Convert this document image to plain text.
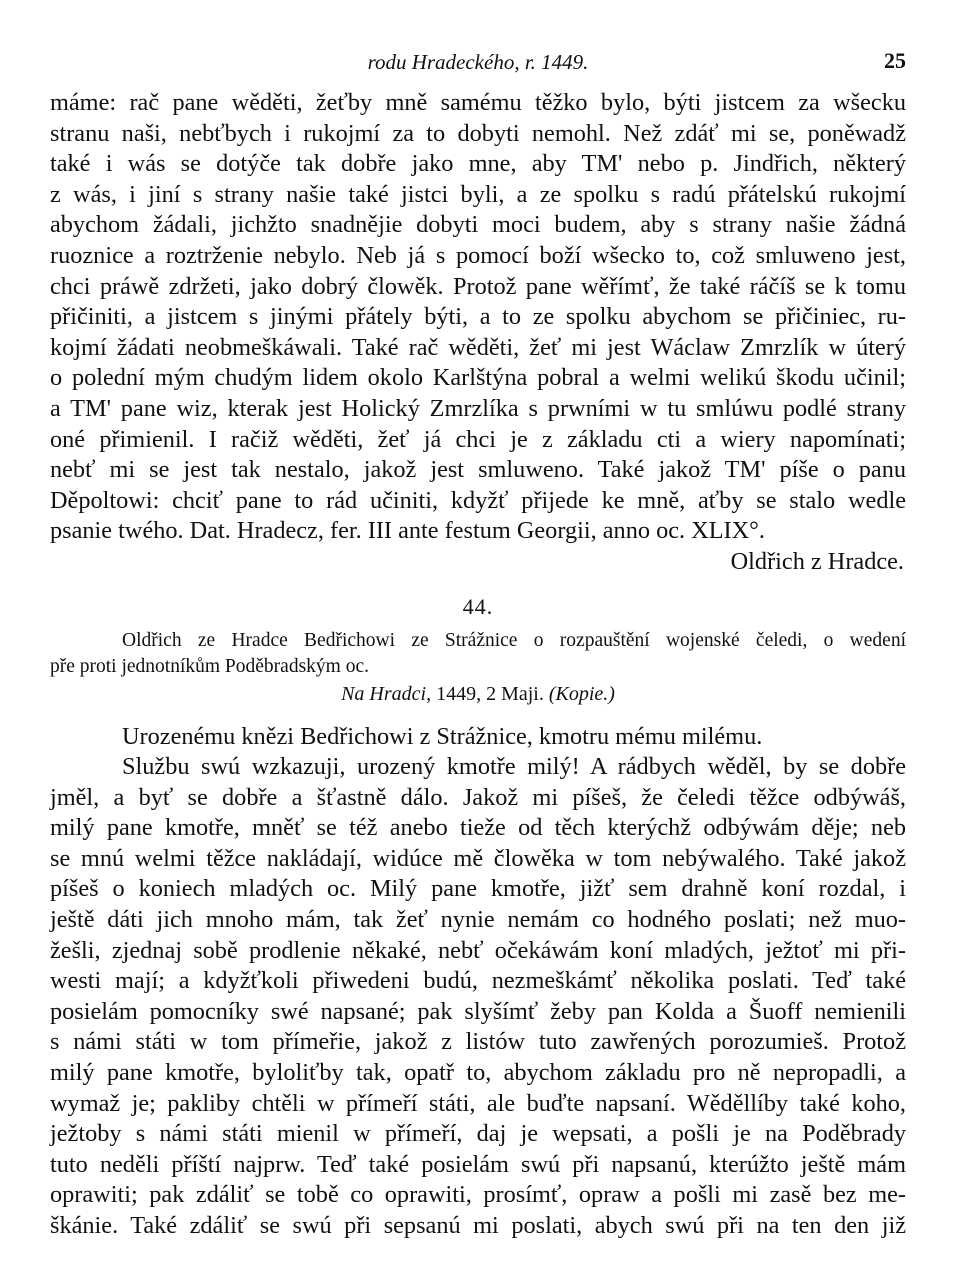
rodu Hradeckého, r. 1449.	25
máme: rač pane wěděti, žeťby mně samému těžko bylo, býti jistcem za wšecku
stranu naši, nebťbych i rukojmí za to dobyti nemohl. Než zdáť mi se, poněwadž
také i wás se dotýče tak dobře jako mne, aby TM' nebo p. Jindřich, některý
z wás, i jiní s strany našie také jistci byli, a ze spolku s radú přátelskú rukojmí
abychom žádali, jichžto snadnějie dobyti moci budem, aby s strany našie žádná
ruoznice a roztrženie nebylo. Neb já s pomocí boží wšecko to, což smluweno jest,
chci práwě zdržeti, jako dobrý člowěk. Protož pane wěřímť, že také ráčíš se k tomu
přičiniti, a jistcem s jinými přátely býti, a to ze spolku abychom se přičiniec, ru-
kojmí žádati neobmeškáwali. Také rač wěděti, žeť mi jest Wáclaw Zmrzlík w úterý
o polední mým chudým lidem okolo Karlštýna pobral a welmi welikú škodu učinil;
a TM' pane wiz, kterak jest Holický Zmrzlíka s prwními w tu smlúwu podlé strany
oné přimienil. I račiž wěděti, žeť já chci je z základu cti a wiery napomínati;
nebť mi se jest tak nestalo, jakož jest smluweno. Také jakož TM' píše o panu
Děpoltowi: chciť pane to rád učiniti, kdyžť přijede ke mně, aťby se stalo wedle
psanie twého. Dat. Hradecz, fer. III ante festum Georgii, anno oc. XLIX°.
Oldřich z Hradce.
44.
Oldřich ze Hradce Bedřichowi ze Strážnice o rozpauštění wojenské čeledi, o wedení
pře proti jednotníkům Poděbradským oc.
Na Hradci, 1449, 2 Maji. (Kopie.)
Urozenému knězi Bedřichowi z Strážnice, kmotru mému milému.
Službu swú wzkazuji, urozený kmotře milý! A rádbych wěděl, by se dobře
jměl, a byť se dobře a šťastně dálo. Jakož mi píšeš, že čeledi těžce odbýwáš,
milý pane kmotře, mněť se též anebo tieže od těch kterýchž odbýwám děje; neb
se mnú welmi těžce nakládají, widúce mě člowěka w tom nebýwalého. Také jakož
píšeš o koniech mladých oc. Milý pane kmotře, jižť sem drahně koní rozdal, i
ještě dáti jich mnoho mám, tak žeť nynie nemám co hodného poslati; než muo-
žešli, zjednaj sobě prodlenie někaké, nebť očekáwám koní mladých, ježtoť mi při-
westi mají; a kdyžťkoli přiwedeni budú, nezmeškámť několika poslati. Teď také
posielám pomocníky swé napsané; pak slyšímť žeby pan Kolda a Šuoff nemienili
s námi státi w tom přímeřie, jakož z listów tuto zawřených porozumieš. Protož
milý pane kmotře, byloliťby tak, opatř to, abychom základu pro ně nepropadli, a
wymaž je; pakliby chtěli w přímeří státi, ale buďte napsaní. Wěděllíby také koho,
ježtoby s námi státi mienil w přímeří, daj je wepsati, a pošli je na Poděbrady
tuto neděli příští najprw. Teď také posielám swú při napsanú, kterúžto ještě mám
oprawiti; pak zdáliť se tobě co oprawiti, prosímť, opraw a pošli mi zasě bez me-
škánie. Také zdáliť se swú při sepsanú mi poslati, abych swú při na ten den již
